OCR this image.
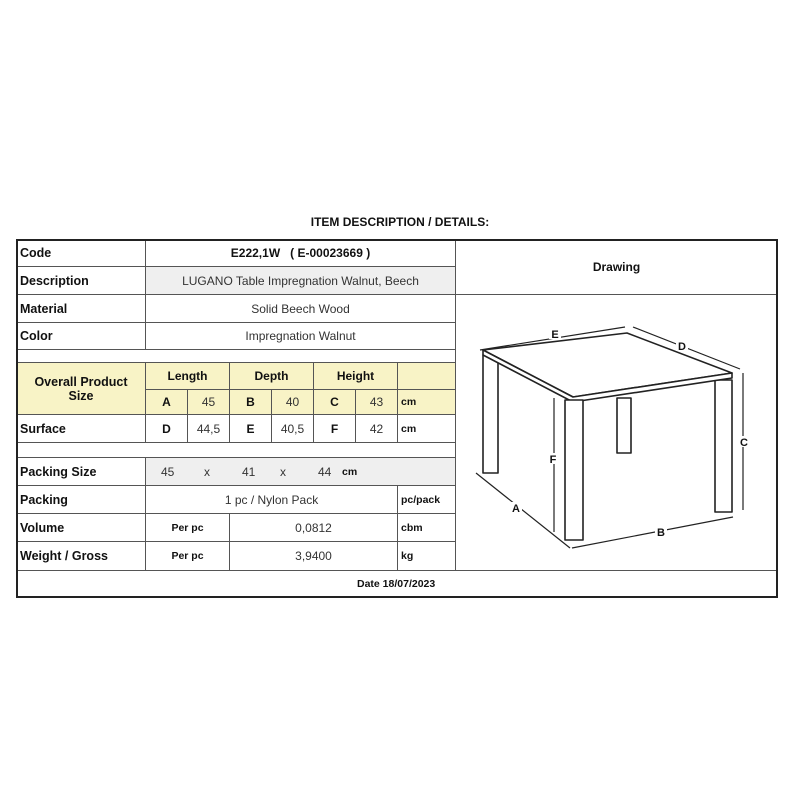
ITEM DESCRIPTION / DETAILS:
Code	E222,1W   ( E-00023669 )
Description	LUGANO Table Impregnation Walnut, Beech
Material	Solid Beech Wood
Color	Impregnation Walnut
Overall Product Size
Length	Depth	Height
A	45	B	40	C	43	cm
Surface	D	44,5	E	40,5	F	42	cm
Packing Size	45 x	41 x	44 cm
Packing	1 pc / Nylon Pack	pc/pack
Volume	Per pc	0,0812	cbm
Weight / Gross	Per pc	3,9400	kg
Drawing
E
D
C
F
A
B
Date 18/07/2023
